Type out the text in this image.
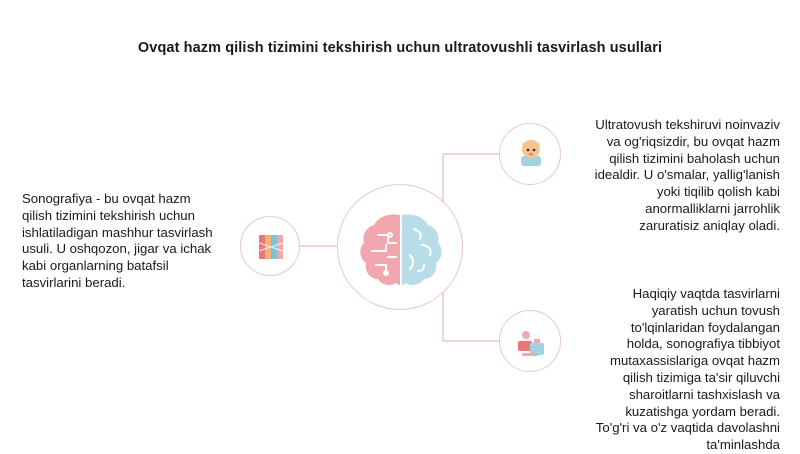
Ovqat hazm qilish tizimini tekshirish uchun ultratovushli tasvirlash usullari
Sonografiya - bu ovqat hazm qilish tizimini tekshirish uchun ishlatiladigan mashhur tasvirlash usuli. U oshqozon, jigar va ichak kabi organlarning batafsil tasvirlarini beradi.
Ultratovush tekshiruvi noinvaziv va og'riqsizdir, bu ovqat hazm qilish tizimini baholash uchun idealdir. U o'smalar, yallig'lanish yoki tiqilib qolish kabi anormalliklarni jarrohlik zaruratisiz aniqlay oladi.
Haqiqiy vaqtda tasvirlarni yaratish uchun tovush to'lqinlaridan foydalangan holda, sonografiya tibbiyot mutaxassislariga ovqat hazm qilish tizimiga ta'sir qiluvchi sharoitlarni tashxislash va kuzatishga yordam beradi. To'g'ri va o'z vaqtida davolashni ta'minlashda
